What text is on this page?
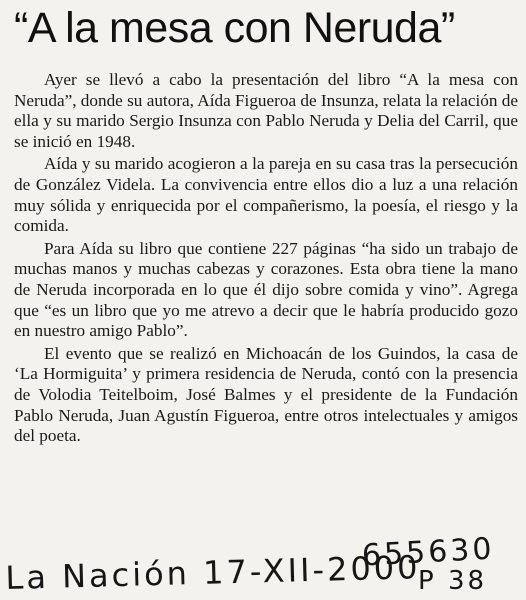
“A la mesa con Neruda”

Ayer se llevó a cabo la presentación del libro “A la mesa con Neruda”, donde su autora, Aída Figueroa de Insunza, relata la relación de ella y su marido Sergio Insunza con Pablo Neruda y Delia del Carril, que se inició en 1948.

Aída y su marido acogieron a la pareja en su casa tras la persecución de González Videla. La convivencia entre ellos dio a luz a una relación muy sólida y enriquecida por el compañerismo, la poesía, el riesgo y la comida.

Para Aída su libro que contiene 227 páginas “ha sido un trabajo de muchas manos y muchas cabezas y corazones. Esta obra tiene la mano de Neruda incorporada en lo que él dijo sobre comida y vino”. Agrega que “es un libro que yo me atrevo a decir que le habría producido gozo en nuestro amigo Pablo”.

El evento que se realizó en Michoacán de los Guindos, la casa de ‘La Hormiguita’ y primera residencia de Neruda, contó con la presencia de Volodia Teitelboim, José Balmes y el presidente de la Fundación Pablo Neruda, Juan Agustín Figueroa, entre otros intelectuales y amigos del poeta.

655630
P 38
La Nación 17-XII-2000
